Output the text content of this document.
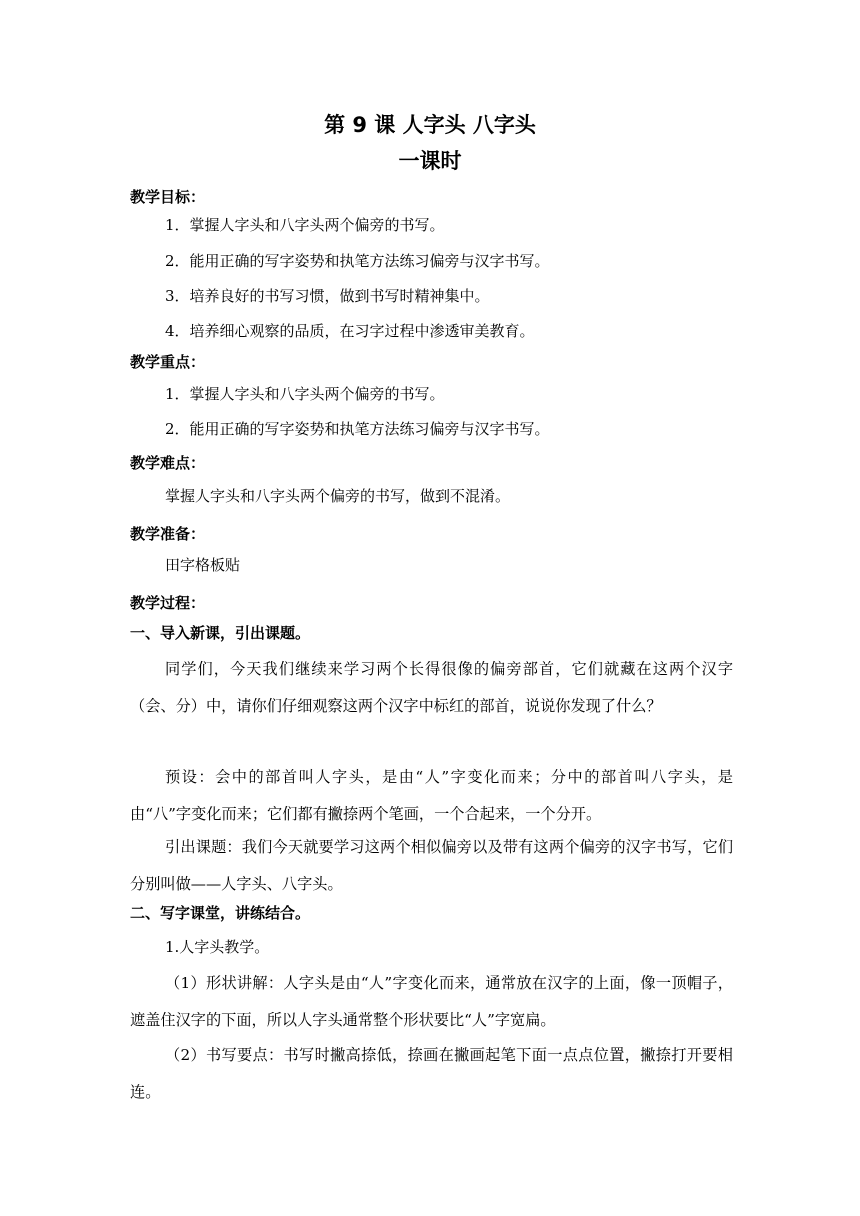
第 9 课 人字头 八字头
一课时
教学目标：
1．掌握人字头和八字头两个偏旁的书写。
2．能用正确的写字姿势和执笔方法练习偏旁与汉字书写。
3．培养良好的书写习惯，做到书写时精神集中。
4．培养细心观察的品质，在习字过程中渗透审美教育。
教学重点：
1．掌握人字头和八字头两个偏旁的书写。
2．能用正确的写字姿势和执笔方法练习偏旁与汉字书写。
教学难点：
掌握人字头和八字头两个偏旁的书写，做到不混淆。
教学准备：
田字格板贴
教学过程：
一、导入新课，引出课题。
同学们，今天我们继续来学习两个长得很像的偏旁部首，它们就藏在这两个汉字（会、分）中，请你们仔细观察这两个汉字中标红的部首，说说你发现了什么？
预设：会中的部首叫人字头，是由“人”字变化而来；分中的部首叫八字头，是由“八”字变化而来；它们都有撇捺两个笔画，一个合起来，一个分开。
引出课题：我们今天就要学习这两个相似偏旁以及带有这两个偏旁的汉字书写，它们分别叫做——人字头、八字头。
二、写字课堂，讲练结合。
1.人字头教学。
（1）形状讲解：人字头是由“人”字变化而来，通常放在汉字的上面，像一顶帽子，遮盖住汉字的下面，所以人字头通常整个形状要比“人”字宽扁。
（2）书写要点：书写时撇高捺低，捺画在撇画起笔下面一点点位置，撇捺打开要相连。
